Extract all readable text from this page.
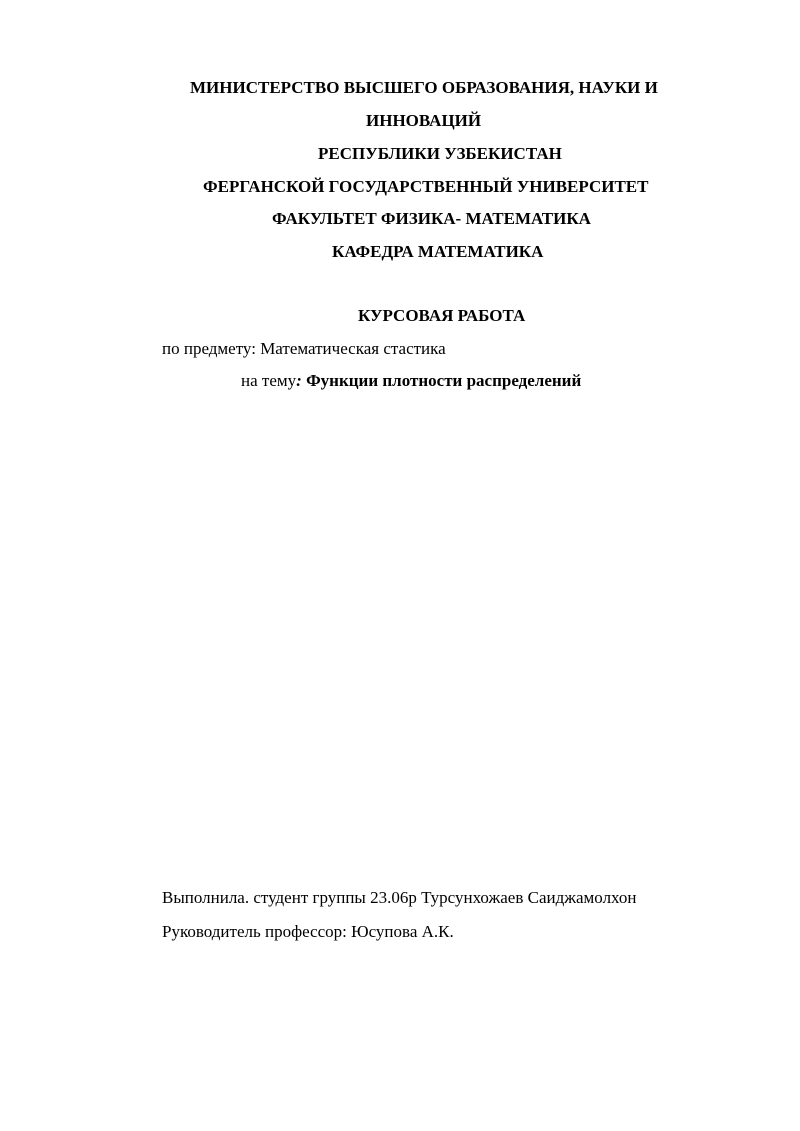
МИНИСТЕРСТВО ВЫСШЕГО ОБРАЗОВАНИЯ, НАУКИ И
ИННОВАЦИЙ
РЕСПУБЛИКИ УЗБЕКИСТАН
ФЕРГАНСКОЙ ГОСУДАРСТВЕННЫЙ УНИВЕРСИТЕТ
ФАКУЛЬТЕТ ФИЗИКА- МАТЕМАТИКА
КАФЕДРА МАТЕМАТИКА
КУРСОВАЯ РАБОТА
по предмету: Математическая стастика
на тему: Функции плотности распределений
Выполнила. студент группы 23.06р Турсунхожаев Саиджамолхон
Руководитель профессор: Юсупова А.К.
